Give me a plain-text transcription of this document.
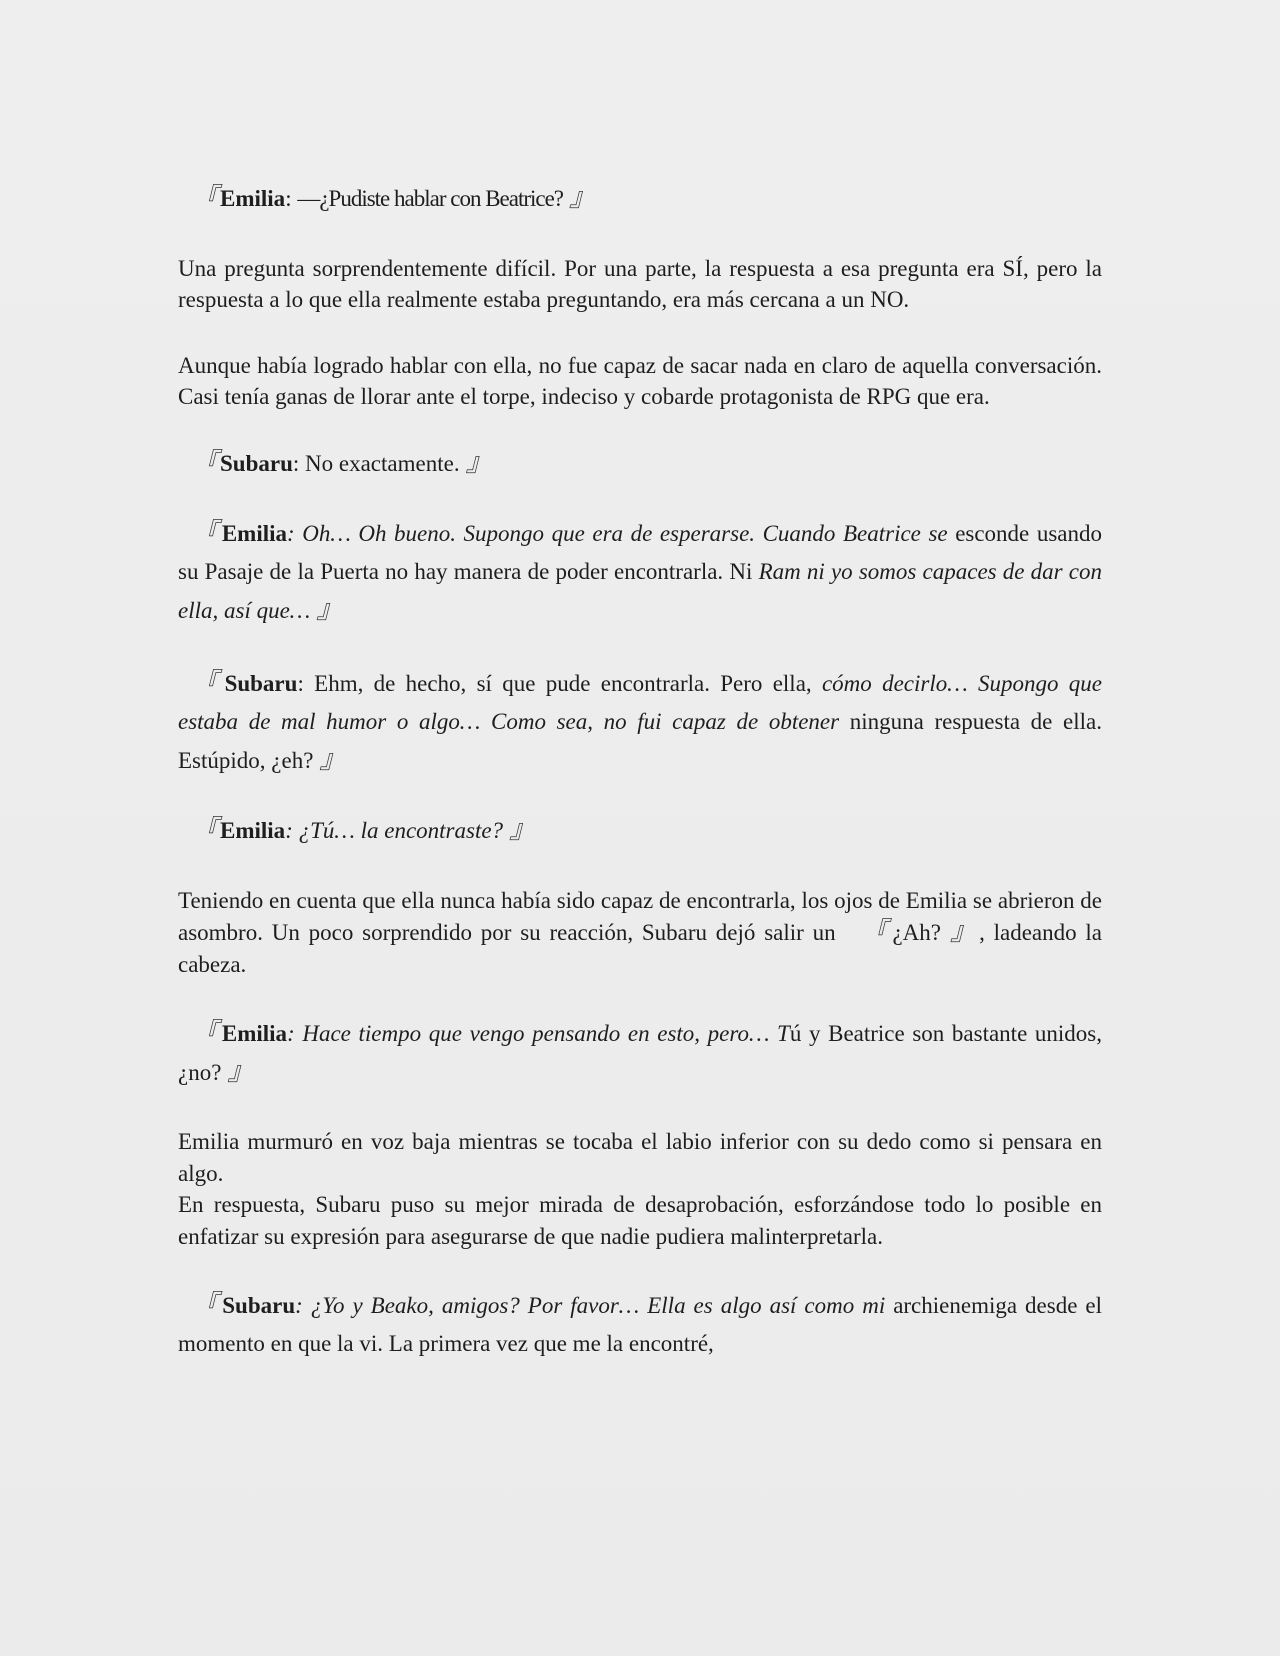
『Emilia: —¿Pudiste hablar con Beatrice? 』

Una pregunta sorprendentemente difícil. Por una parte, la respuesta a esa pregunta era SÍ, pero la respuesta a lo que ella realmente estaba preguntando, era más cercana a un NO.

Aunque había logrado hablar con ella, no fue capaz de sacar nada en claro de aquella conversación. Casi tenía ganas de llorar ante el torpe, indeciso y cobarde protagonista de RPG que era.

『Subaru: No exactamente. 』

『Emilia: Oh… Oh bueno. Supongo que era de esperarse. Cuando Beatrice se esconde usando su Pasaje de la Puerta no hay manera de poder encontrarla. Ni Ram ni yo somos capaces de dar con ella, así que… 』
『Subaru: Ehm, de hecho, sí que pude encontrarla. Pero ella, cómo decirlo… Supongo que estaba de mal humor o algo… Como sea, no fui capaz de obtener ninguna respuesta de ella. Estúpido, ¿eh? 』

『Emilia: ¿Tú… la encontraste? 』

Teniendo en cuenta que ella nunca había sido capaz de encontrarla, los ojos de Emilia se abrieron de asombro. Un poco sorprendido por su reacción, Subaru dejó salir un 『¿Ah? 』, ladeando la cabeza.

『Emilia: Hace tiempo que vengo pensando en esto, pero… Tú y Beatrice son bastante unidos, ¿no? 』

Emilia murmuró en voz baja mientras se tocaba el labio inferior con su dedo como si pensara en algo.

En respuesta, Subaru puso su mejor mirada de desaprobación, esforzándose todo lo posible en enfatizar su expresión para asegurarse de que nadie pudiera malinterpretarla.

『Subaru: ¿Yo y Beako, amigos? Por favor… Ella es algo así como mi archienemiga desde el momento en que la vi. La primera vez que me la encontré,
